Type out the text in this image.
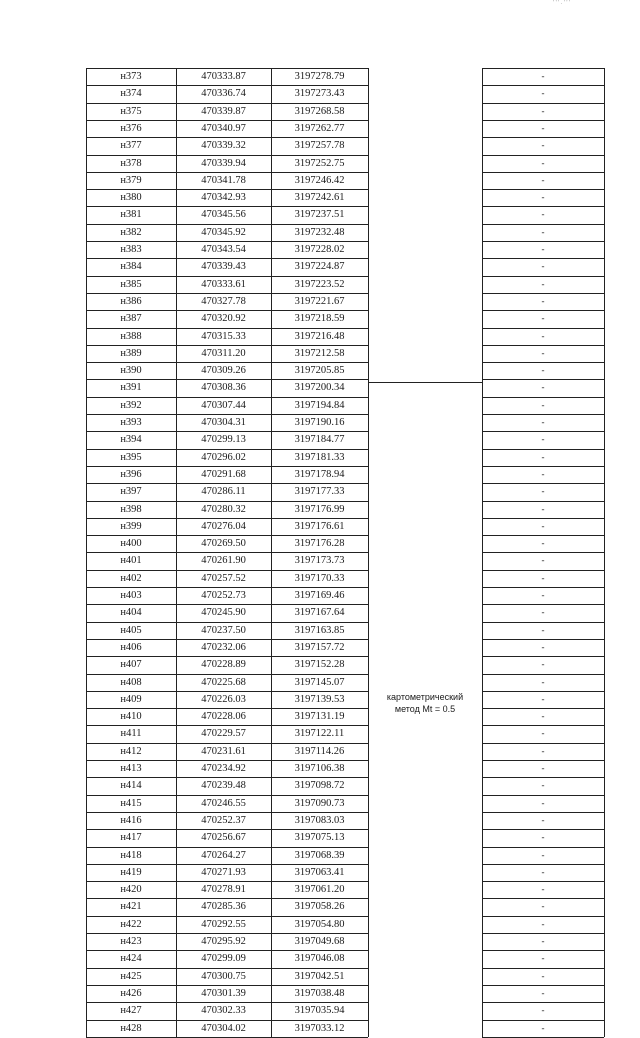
' ' ' . ' ' '
н373	470333.87	3197278.79	-
н374	470336.74	3197273.43	-
н375	470339.87	3197268.58	-
н376	470340.97	3197262.77	-
н377	470339.32	3197257.78	-
н378	470339.94	3197252.75	-
н379	470341.78	3197246.42	-
н380	470342.93	3197242.61	-
н381	470345.56	3197237.51	-
н382	470345.92	3197232.48	-
н383	470343.54	3197228.02	-
н384	470339.43	3197224.87	-
н385	470333.61	3197223.52	-
н386	470327.78	3197221.67	-
н387	470320.92	3197218.59	-
н388	470315.33	3197216.48	-
н389	470311.20	3197212.58	-
н390	470309.26	3197205.85	-
н391	470308.36	3197200.34	-
н392	470307.44	3197194.84	-
н393	470304.31	3197190.16	-
н394	470299.13	3197184.77	-
н395	470296.02	3197181.33	-
н396	470291.68	3197178.94	-
н397	470286.11	3197177.33	-
н398	470280.32	3197176.99	-
н399	470276.04	3197176.61	-
н400	470269.50	3197176.28	-
н401	470261.90	3197173.73	-
н402	470257.52	3197170.33	-
н403	470252.73	3197169.46	-
н404	470245.90	3197167.64	-
н405	470237.50	3197163.85	-
н406	470232.06	3197157.72	-
н407	470228.89	3197152.28	-
н408	470225.68	3197145.07	-
н409	470226.03	3197139.53	-
н410	470228.06	3197131.19	-
н411	470229.57	3197122.11	-
н412	470231.61	3197114.26	-
н413	470234.92	3197106.38	-
н414	470239.48	3197098.72	-
н415	470246.55	3197090.73	-
н416	470252.37	3197083.03	-
н417	470256.67	3197075.13	-
н418	470264.27	3197068.39	-
н419	470271.93	3197063.41	-
н420	470278.91	3197061.20	-
н421	470285.36	3197058.26	-
н422	470292.55	3197054.80	-
н423	470295.92	3197049.68	-
н424	470299.09	3197046.08	-
н425	470300.75	3197042.51	-
н426	470301.39	3197038.48	-
н427	470302.33	3197035.94	-
н428	470304.02	3197033.12	-
картометрический
метод Mt = 0.5
